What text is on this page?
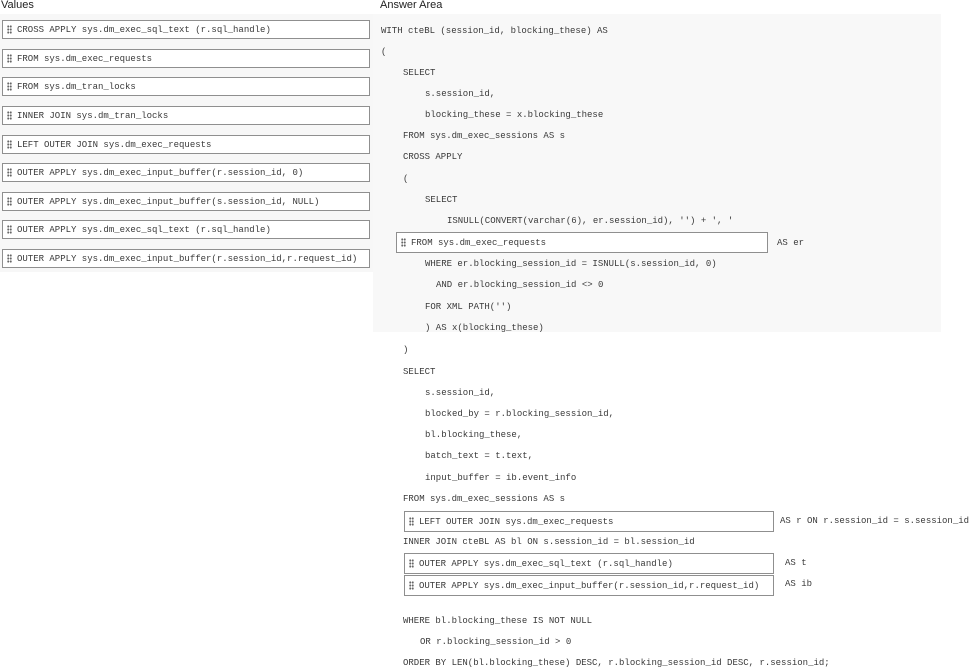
Values	Answer Area
CROSS APPLY sys.dm_exec_sql_text (r.sql_handle)
FROM sys.dm_exec_requests
FROM sys.dm_tran_locks
INNER JOIN sys.dm_tran_locks
LEFT OUTER JOIN sys.dm_exec_requests
OUTER APPLY sys.dm_exec_input_buffer(r.session_id, 0)
OUTER APPLY sys.dm_exec_input_buffer(s.session_id, NULL)
OUTER APPLY sys.dm_exec_sql_text (r.sql_handle)
OUTER APPLY sys.dm_exec_input_buffer(r.session_id,r.request_id)
WITH cteBL (session_id, blocking_these) AS
(
SELECT
s.session_id,
blocking_these = x.blocking_these
FROM sys.dm_exec_sessions AS s
CROSS APPLY
(
SELECT
ISNULL(CONVERT(varchar(6), er.session_id), '') + ', '
FROM sys.dm_exec_requests	AS er
WHERE er.blocking_session_id = ISNULL(s.session_id, 0)
AND er.blocking_session_id <> 0
FOR XML PATH('')
) AS x(blocking_these)
)
SELECT
s.session_id,
blocked_by = r.blocking_session_id,
bl.blocking_these,
batch_text = t.text,
input_buffer = ib.event_info
FROM sys.dm_exec_sessions AS s
LEFT OUTER JOIN sys.dm_exec_requests	AS r ON r.session_id = s.session_id
INNER JOIN cteBL AS bl ON s.session_id = bl.session_id
OUTER APPLY sys.dm_exec_sql_text (r.sql_handle)	AS t
OUTER APPLY sys.dm_exec_input_buffer(r.session_id,r.request_id)	AS ib
WHERE bl.blocking_these IS NOT NULL
OR r.blocking_session_id > 0
ORDER BY LEN(bl.blocking_these) DESC, r.blocking_session_id DESC, r.session_id;
